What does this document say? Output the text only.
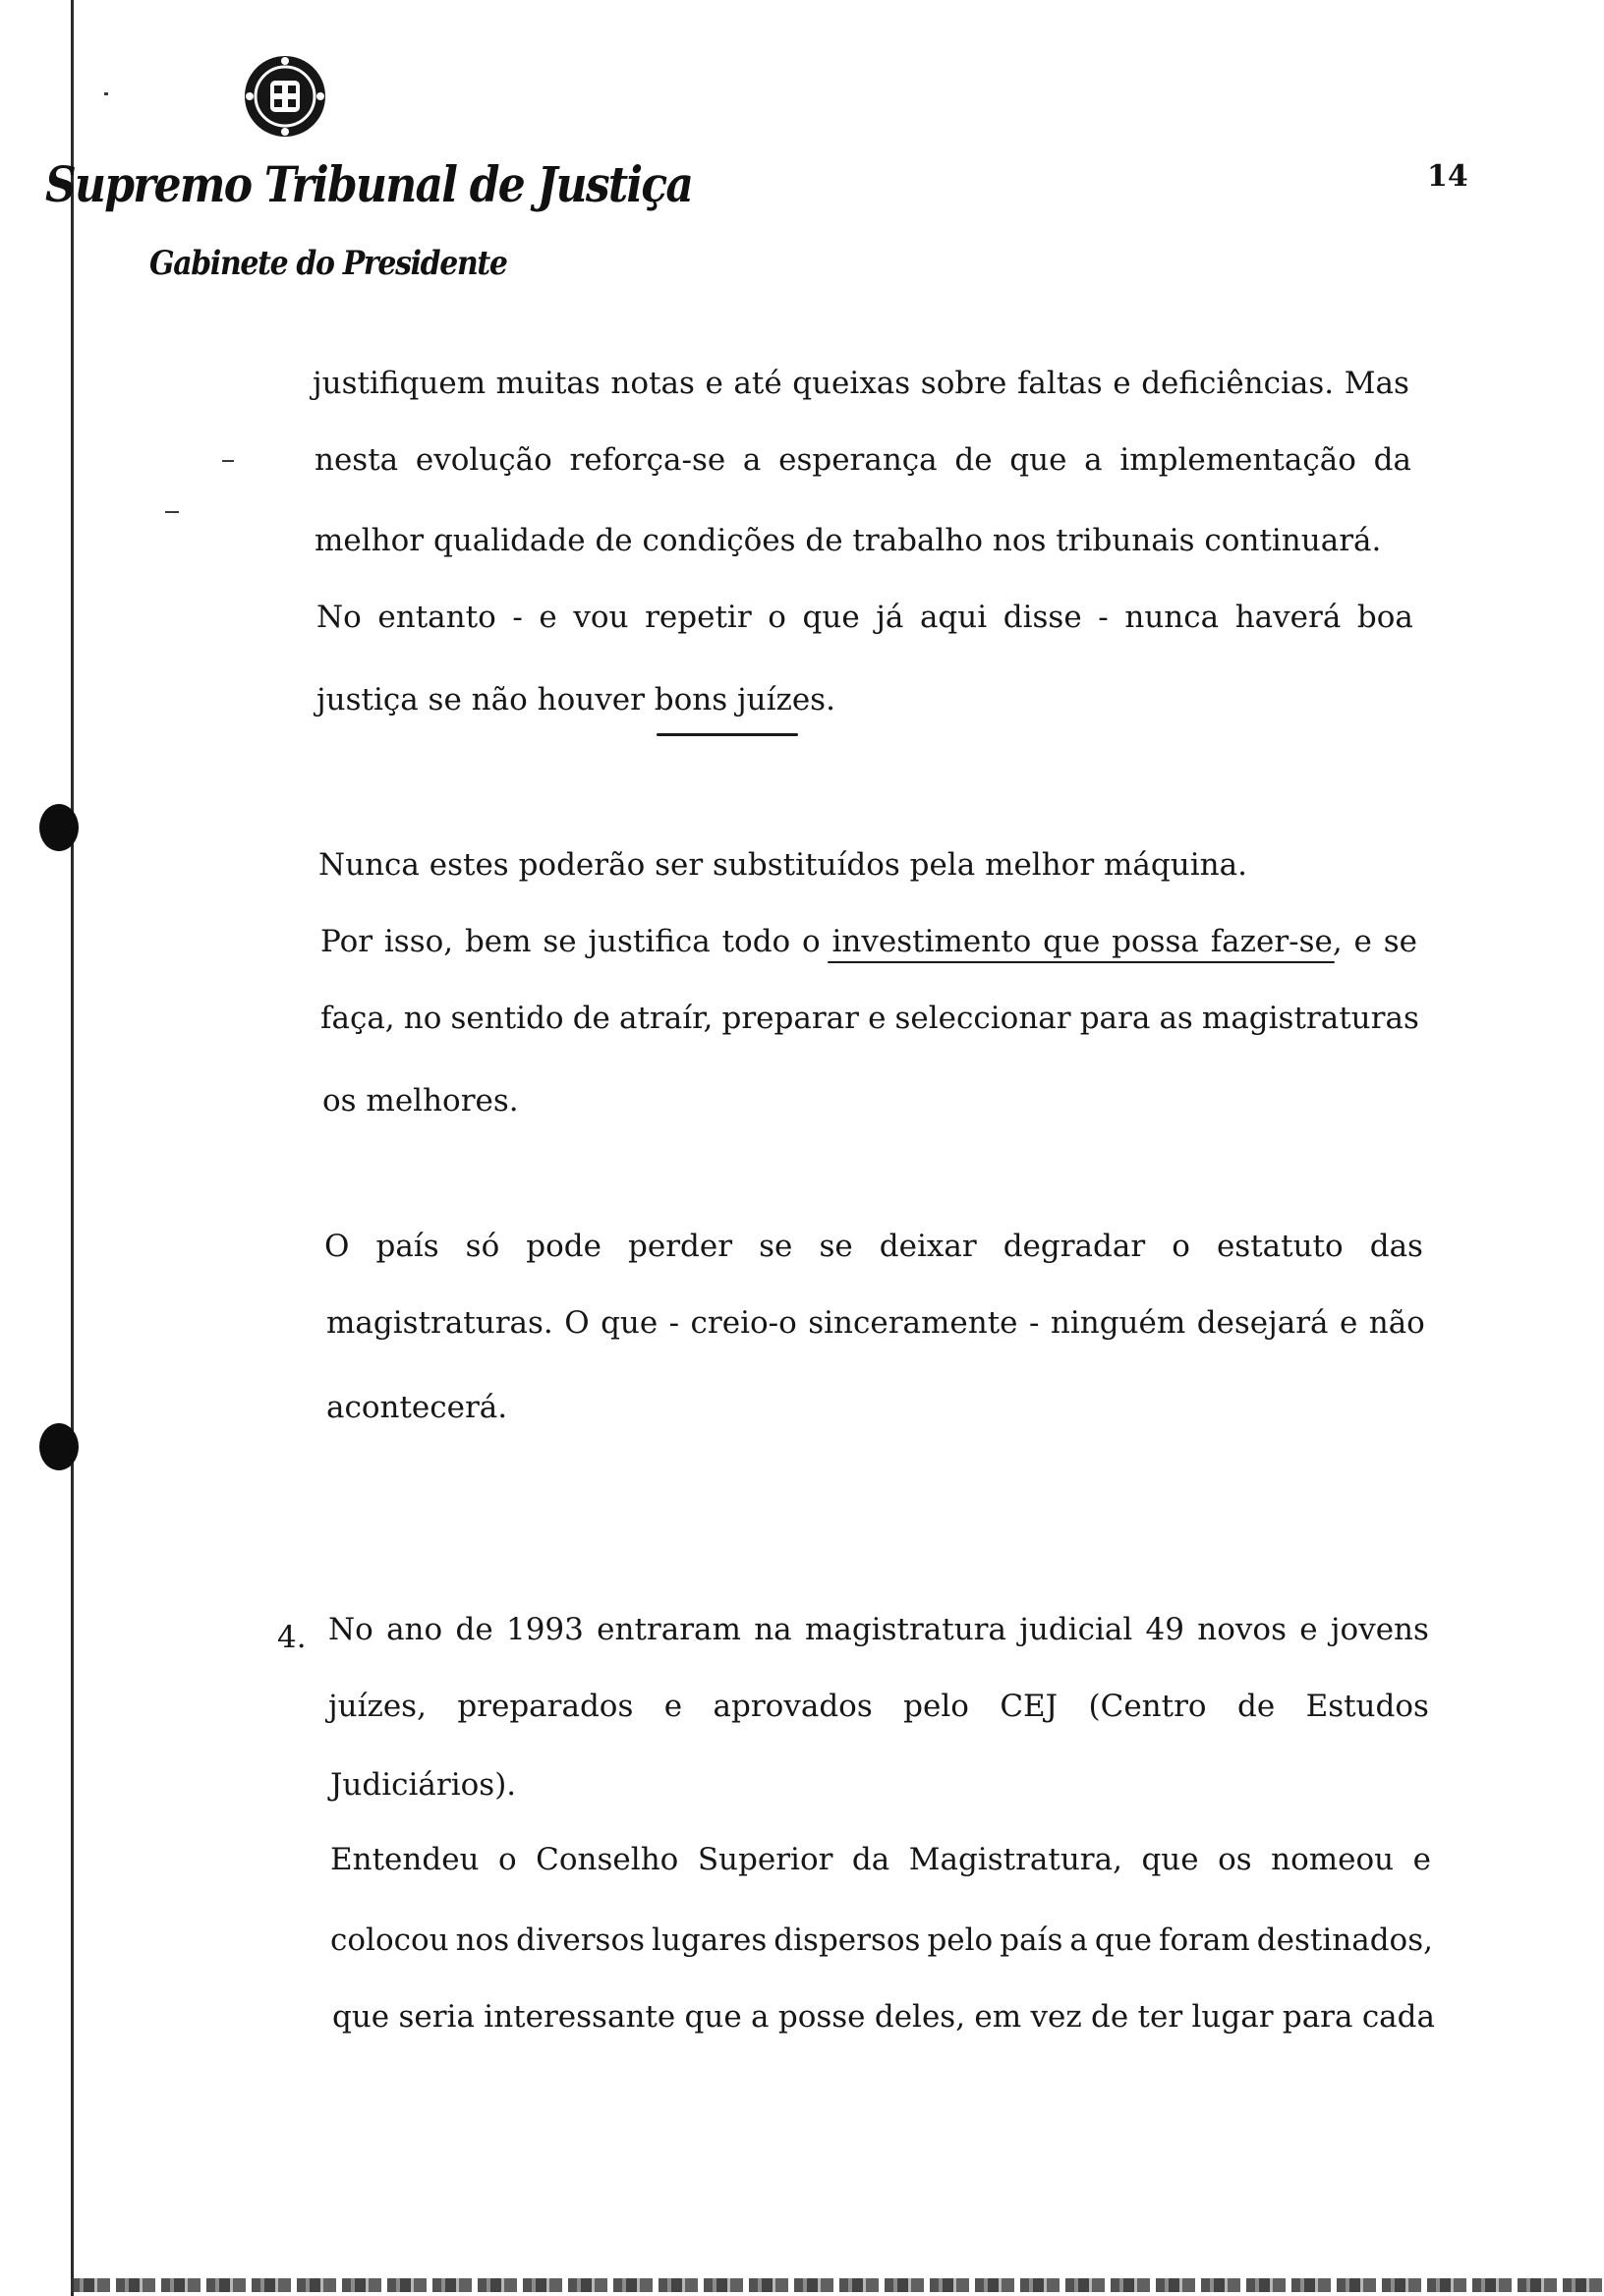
Supremo Tribunal de Justiça
Gabinete do Presidente
14
justifiquem muitas notas e até queixas sobre faltas e deficiências. Mas
nesta evolução reforça-se a esperança de que a implementação da
melhor qualidade de condições de trabalho nos tribunais continuará.
No entanto - e vou repetir o que já aqui disse - nunca haverá boa
justiça se não houver bons juízes.
Nunca estes poderão ser substituídos pela melhor máquina.
Por isso, bem se justifica todo o investimento que possa fazer-se, e se
faça, no sentido de atraír, preparar e seleccionar para as magistraturas
os melhores.
O país só pode perder se se deixar degradar o estatuto das
magistraturas. O que - creio-o sinceramente - ninguém desejará e não
acontecerá.
4. No ano de 1993 entraram na magistratura judicial 49 novos e jovens
juízes, preparados e aprovados pelo CEJ (Centro de Estudos
Judiciários).
Entendeu o Conselho Superior da Magistratura, que os nomeou e
colocou nos diversos lugares dispersos pelo país a que foram destinados,
que seria interessante que a posse deles, em vez de ter lugar para cada
